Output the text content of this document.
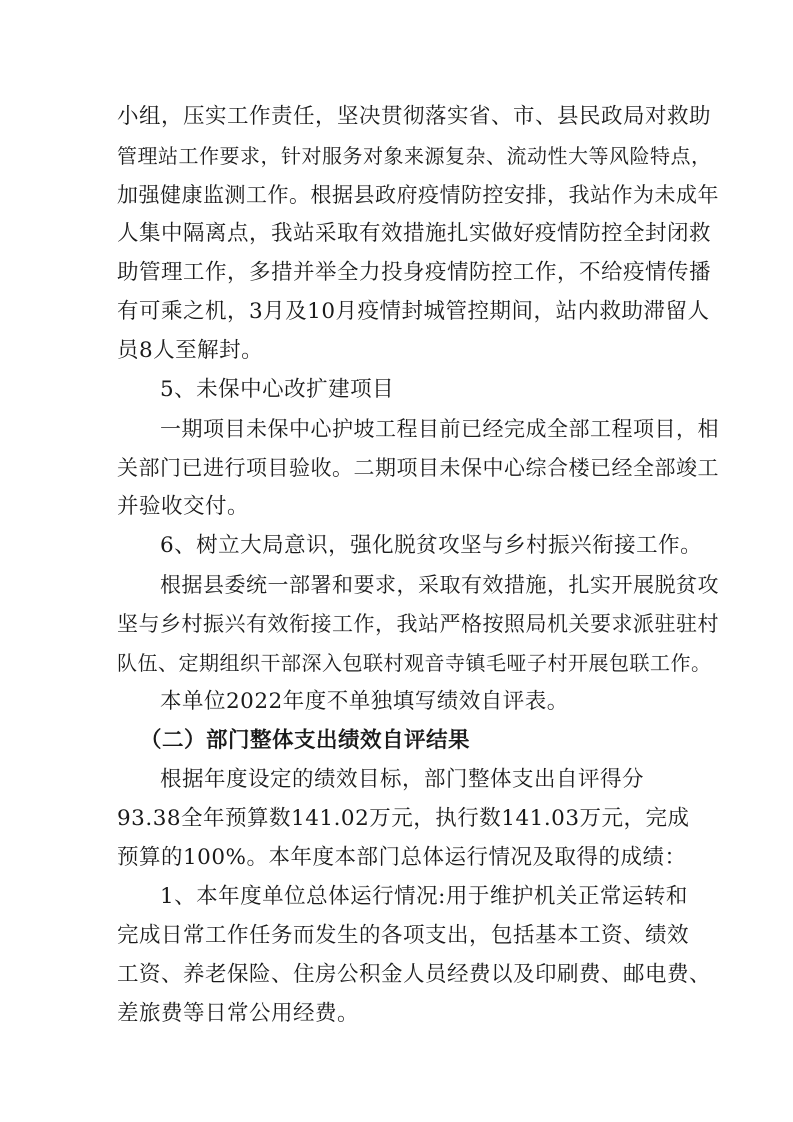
小组，压实工作责任，坚决贯彻落实省、市、县民政局对救助
管理站工作要求，针对服务对象来源复杂、流动性大等风险特点，
加强健康监测工作。根据县政府疫情防控安排，我站作为未成年
人集中隔离点，我站采取有效措施扎实做好疫情防控全封闭救
助管理工作，多措并举全力投身疫情防控工作，不给疫情传播
有可乘之机，3月及10月疫情封城管控期间，站内救助滞留人
员8人至解封。
5、未保中心改扩建项目
一期项目未保中心护坡工程目前已经完成全部工程项目，相
关部门已进行项目验收。二期项目未保中心综合楼已经全部竣工
并验收交付。
6、树立大局意识，强化脱贫攻坚与乡村振兴衔接工作。
根据县委统一部署和要求，采取有效措施，扎实开展脱贫攻
坚与乡村振兴有效衔接工作，我站严格按照局机关要求派驻驻村
队伍、定期组织干部深入包联村观音寺镇毛哑子村开展包联工作。
本单位2022年度不单独填写绩效自评表。
（二）部门整体支出绩效自评结果
根据年度设定的绩效目标，部门整体支出自评得分
93.38全年预算数141.02万元，执行数141.03万元，完成
预算的100%。本年度本部门总体运行情况及取得的成绩：
1、本年度单位总体运行情况:用于维护机关正常运转和
完成日常工作任务而发生的各项支出，包括基本工资、绩效
工资、养老保险、住房公积金人员经费以及印刷费、邮电费、
差旅费等日常公用经费。
